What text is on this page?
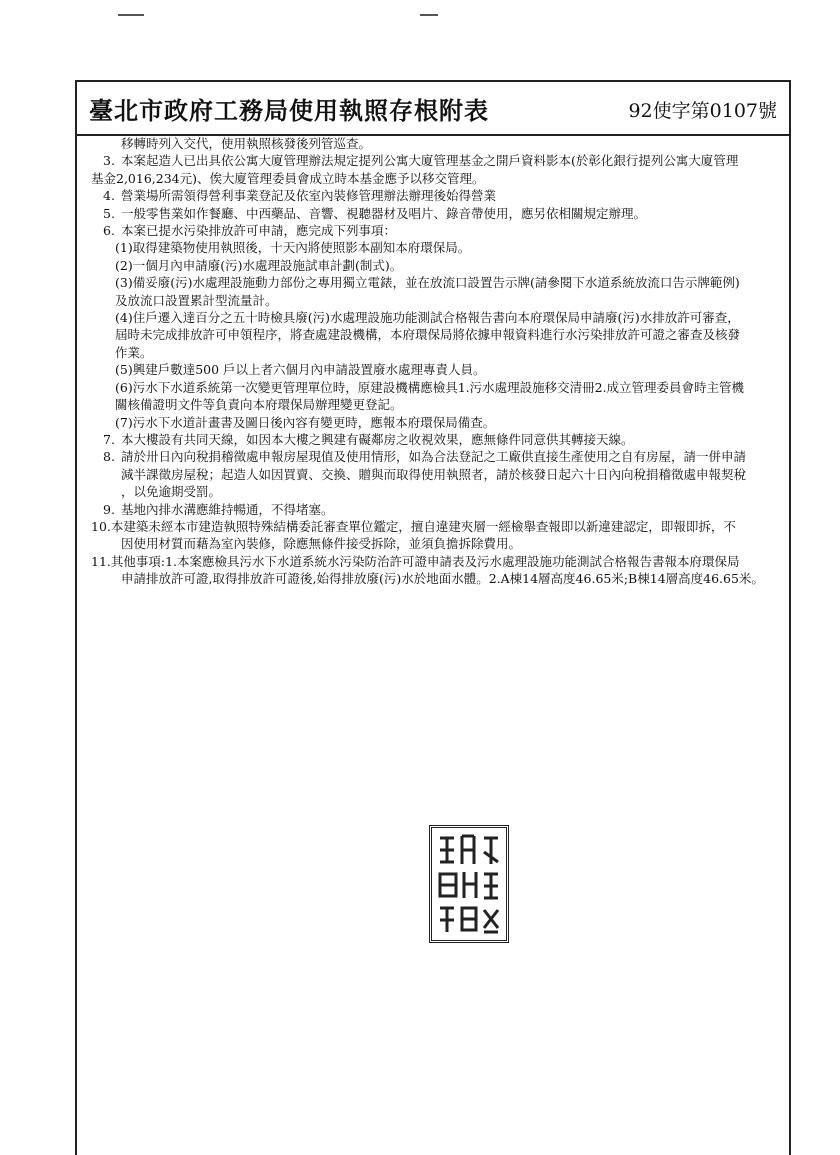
臺北市政府工務局使用執照存根附表	92使字第0107號
移轉時列入交代，使用執照核發後列管巡查。
3. 本案起造人已出具依公寓大廈管理辦法規定提列公寓大廈管理基金之開戶資料影本(於彰化銀行提列公寓大廈管理
基金2,016,234元)、俟大廈管理委員會成立時本基金應予以移交管理。
4. 營業場所需領得營利事業登記及依室內裝修管理辦法辦理後始得營業
5. 一般零售業如作餐廳、中西藥品、音響、視聽器材及唱片、錄音帶使用，應另依相關規定辦理。
6. 本案已提水污染排放許可申請，應完成下列事項：
(1)取得建築物使用執照後，十天內將使照影本副知本府環保局。
(2)一個月內申請廢(污)水處理設施試車計劃(制式)。
(3)備妥廢(污)水處理設施動力部份之專用獨立電錶，並在放流口設置告示牌(請參閱下水道系統放流口告示牌範例)
及放流口設置累計型流量計。
(4)住戶遷入達百分之五十時檢具廢(污)水處理設施功能測試合格報告書向本府環保局申請廢(污)水排放許可審查，
屆時未完成排放許可申領程序，將查處建設機構，本府環保局將依據申報資料進行水污染排放許可證之審查及核發
作業。
(5)興建戶數達500 戶以上者六個月內申請設置廢水處理專責人員。
(6)污水下水道系統第一次變更管理單位時，原建設機構應檢具1.污水處理設施移交清冊2.成立管理委員會時主管機
關核備證明文件等負責向本府環保局辦理變更登記。
(7)污水下水道計畫書及圖日後內容有變更時，應報本府環保局備查。
7. 本大樓設有共同天線，如因本大樓之興建有礙鄰房之收視效果，應無條件同意供其轉接天線。
8. 請於卅日內向稅捐稽徵處申報房屋現值及使用情形，如為合法登記之工廠供直接生產使用之自有房屋，請一併申請
減半課徵房屋稅；起造人如因買賣、交換、贈與而取得使用執照者，請於核發日起六十日內向稅捐稽徵處申報契稅
，以免逾期受罰。
9. 基地內排水溝應維持暢通，不得堵塞。
10.本建築未經本市建造執照特殊結構委託審查單位鑑定，擅自違建夾層一經檢舉查報即以新違建認定，即報即拆，不
因使用材質而藉為室內裝修，除應無條件接受拆除，並須負擔拆除費用。
11.其他事項:1.本案應檢具污水下水道系統水污染防治許可證申請表及污水處理設施功能測試合格報告書報本府環保局
申請排放許可證,取得排放許可證後,始得排放廢(污)水於地面水體。2.A棟14層高度46.65米;B棟14層高度46.65米。
